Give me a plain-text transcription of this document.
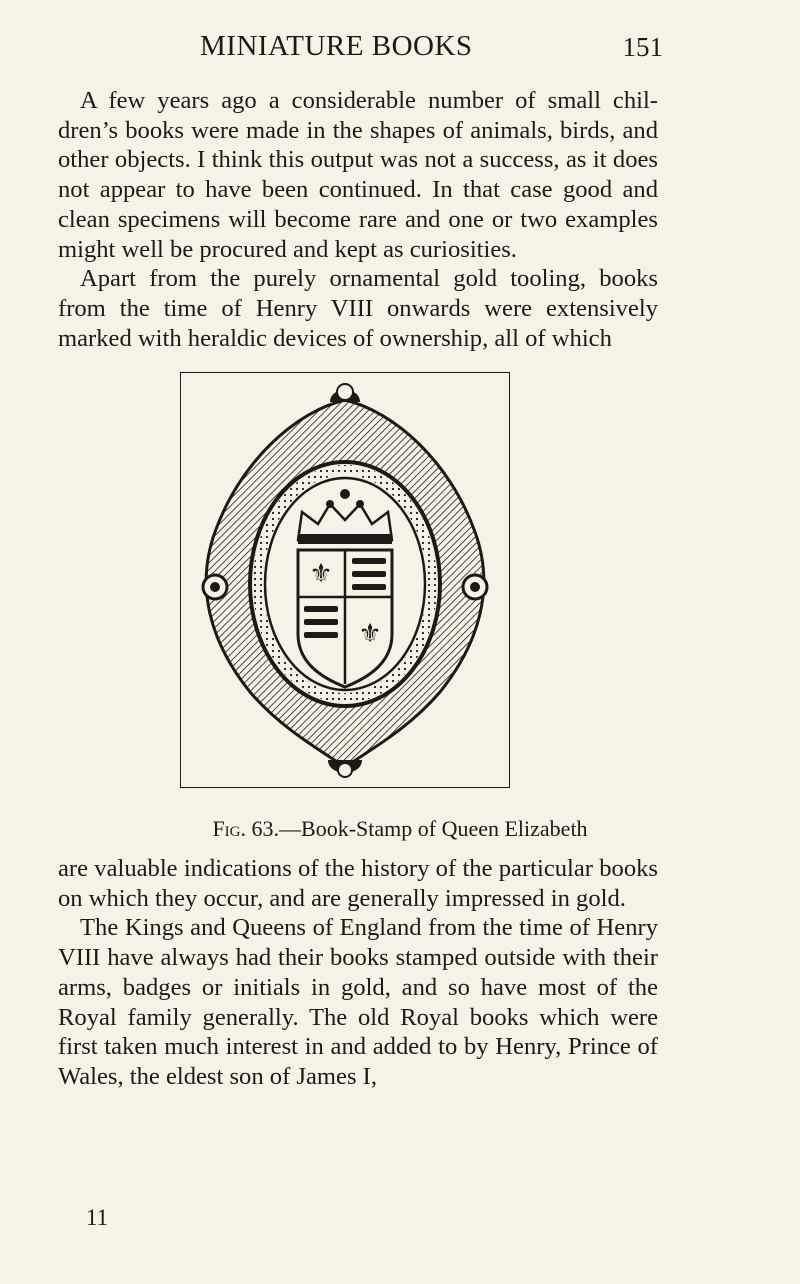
MINIATURE BOOKS	151

A few years ago a considerable number of small chil-dren’s books were made in the shapes of animals, birds, and other objects. I think this output was not a success, as it does not appear to have been continued. In that case good and clean specimens will become rare and one or two examples might well be procured and kept as curiosities.

Apart from the purely ornamental gold tooling, books from the time of Henry VIII onwards were extensively marked with heraldic devices of ownership, all of which

⚜
⚜
Fig. 63.—Book-Stamp of Queen Elizabeth

are valuable indications of the history of the particular books on which they occur, and are generally impressed in gold.

The Kings and Queens of England from the time of Henry VIII have always had their books stamped outside with their arms, badges or initials in gold, and so have most of the Royal family generally. The old Royal books which were first taken much interest in and added to by Henry, Prince of Wales, the eldest son of James I,

11
